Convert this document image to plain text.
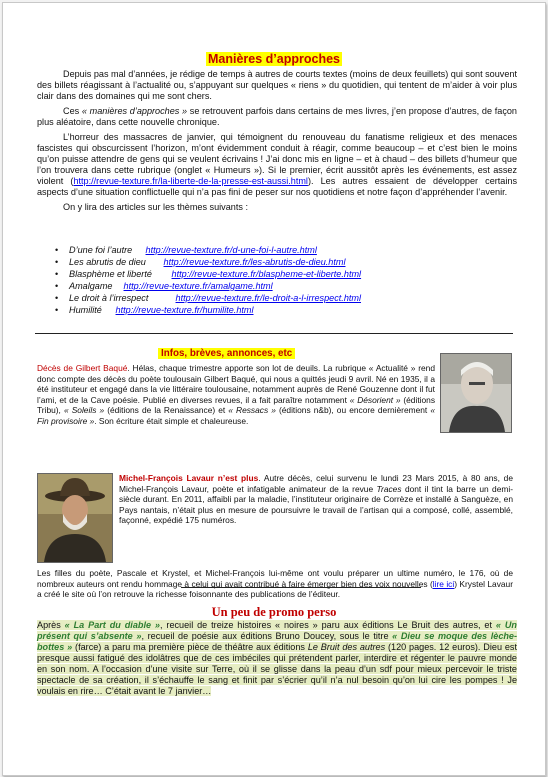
Manières d’approches

Depuis pas mal d’années, je rédige de temps à autres de courts textes (moins de deux feuillets) qui sont souvent des billets réagissant à l’actualité ou, s’appuyant sur quelques « riens » du quotidien, qui tentent de m’aider à voir plus clair dans des domaines qui me sont chers.

Ces « manières d’approches » se retrouvent parfois dans certains de mes livres, j’en propose d’autres, de façon plus aléatoire, dans cette nouvelle chronique.

L’horreur des massacres de janvier, qui témoignent du renouveau du fanatisme religieux et des menaces fascistes qui obscurcissent l’horizon, m’ont évidemment conduit à réagir, comme beaucoup – et c’est bien le moins qu’on puisse attendre de gens qui se veulent écrivains ! J’ai donc mis en ligne – et à chaud – des billets d’humeur que l’on trouvera dans cette rubrique (onglet « Humeurs »). Si le premier, écrit aussitôt après les événements, est assez violent (http://revue-texture.fr/la-liberte-de-la-presse-est-aussi.html). Les autres essaient de développer certains aspects d’une situation conflictuelle qui n’a pas fini de peser sur nos quotidiens et notre façon d’appréhender l’avenir.

On y lira des articles sur les thèmes suivants :

• D’une foi l’autre http://revue-texture.fr/d-une-foi-l-autre.html
• Les abrutis de dieu http://revue-texture.fr/les-abrutis-de-dieu.html
• Blasphème et liberté http://revue-texture.fr/blaspheme-et-liberte.html
• Amalgame http://revue-texture.fr/amalgame.html
• Le droit à l’irrespect	http://revue-texture.fr/le-droit-a-l-irrespect.html
• Humilité http://revue-texture.fr/humilite.html
Infos, brèves, annonces, etc
Décès de Gilbert Baqué. Hélas, chaque trimestre apporte son lot de deuils. La rubrique « Actualité » rend donc compte des décès du poète toulousain Gilbert Baqué, qui nous a quittés jeudi 9 avril. Né en 1935, il a été instituteur et engagé dans la vie littéraire toulousaine, notamment auprès de René Gouzenne dont il fut l’ami, et de la Cave poésie. Publié en diverses revues, il a fait paraître notamment « Désorient » (éditions Tribu), « Soleils » (éditions de la Renaissance) et « Ressacs » (éditions n&b), ou encore dernièrement « Fin provisoire ». Son écriture était simple et chaleureuse.
Michel-François Lavaur n’est plus. Autre décès, celui survenu le lundi 23 Mars 2015, à 80 ans, de Michel-François Lavaur, poète et infatigable animateur de la revue Traces dont il tint la barre un demi-siècle durant. En 2011, affaibli par la maladie, l’instituteur originaire de Corrèze et installé à Sanguèze, en Pays nantais, n’était plus en mesure de poursuivre le travail de l’artisan qui a composé, collé, assemblé, façonné, expédié 175 numéros.
Les filles du poète, Pascale et Krystel, et Michel-François lui-même ont voulu préparer un ultime numéro, le 176, où de nombreux auteurs ont rendu hommage à celui qui avait contribué à faire émerger bien des voix nouvelles (lire ici) Krystel Lavaur a créé le site où l’on retrouve la richesse foisonnante des publications de l’éditeur.
Un peu de promo perso

Après « La Part du diable », recueil de treize histoires « noires » paru aux éditions Le Bruit des autres, et « Un présent qui s’absente », recueil de poésie aux éditions Bruno Doucey, sous le titre « Dieu se moque des lèche-bottes » (farce) a paru ma première pièce de théâtre aux éditions Le Bruit des autres (120 pages. 12 euros). Dieu est presque aussi fatigué des idolâtres que de ces imbéciles qui prétendent parler, interdire et régenter le pauvre monde en son nom. A l’occasion d’une visite sur Terre, où il se glisse dans la peau d’un sdf pour mieux percevoir le triste spectacle de sa création, il s’échauffe le sang et finit par s’écrier qu’il n’a nul besoin qu’on lui cire les pompes ! Je voulais en rire… C’était avant le 7 janvier…
